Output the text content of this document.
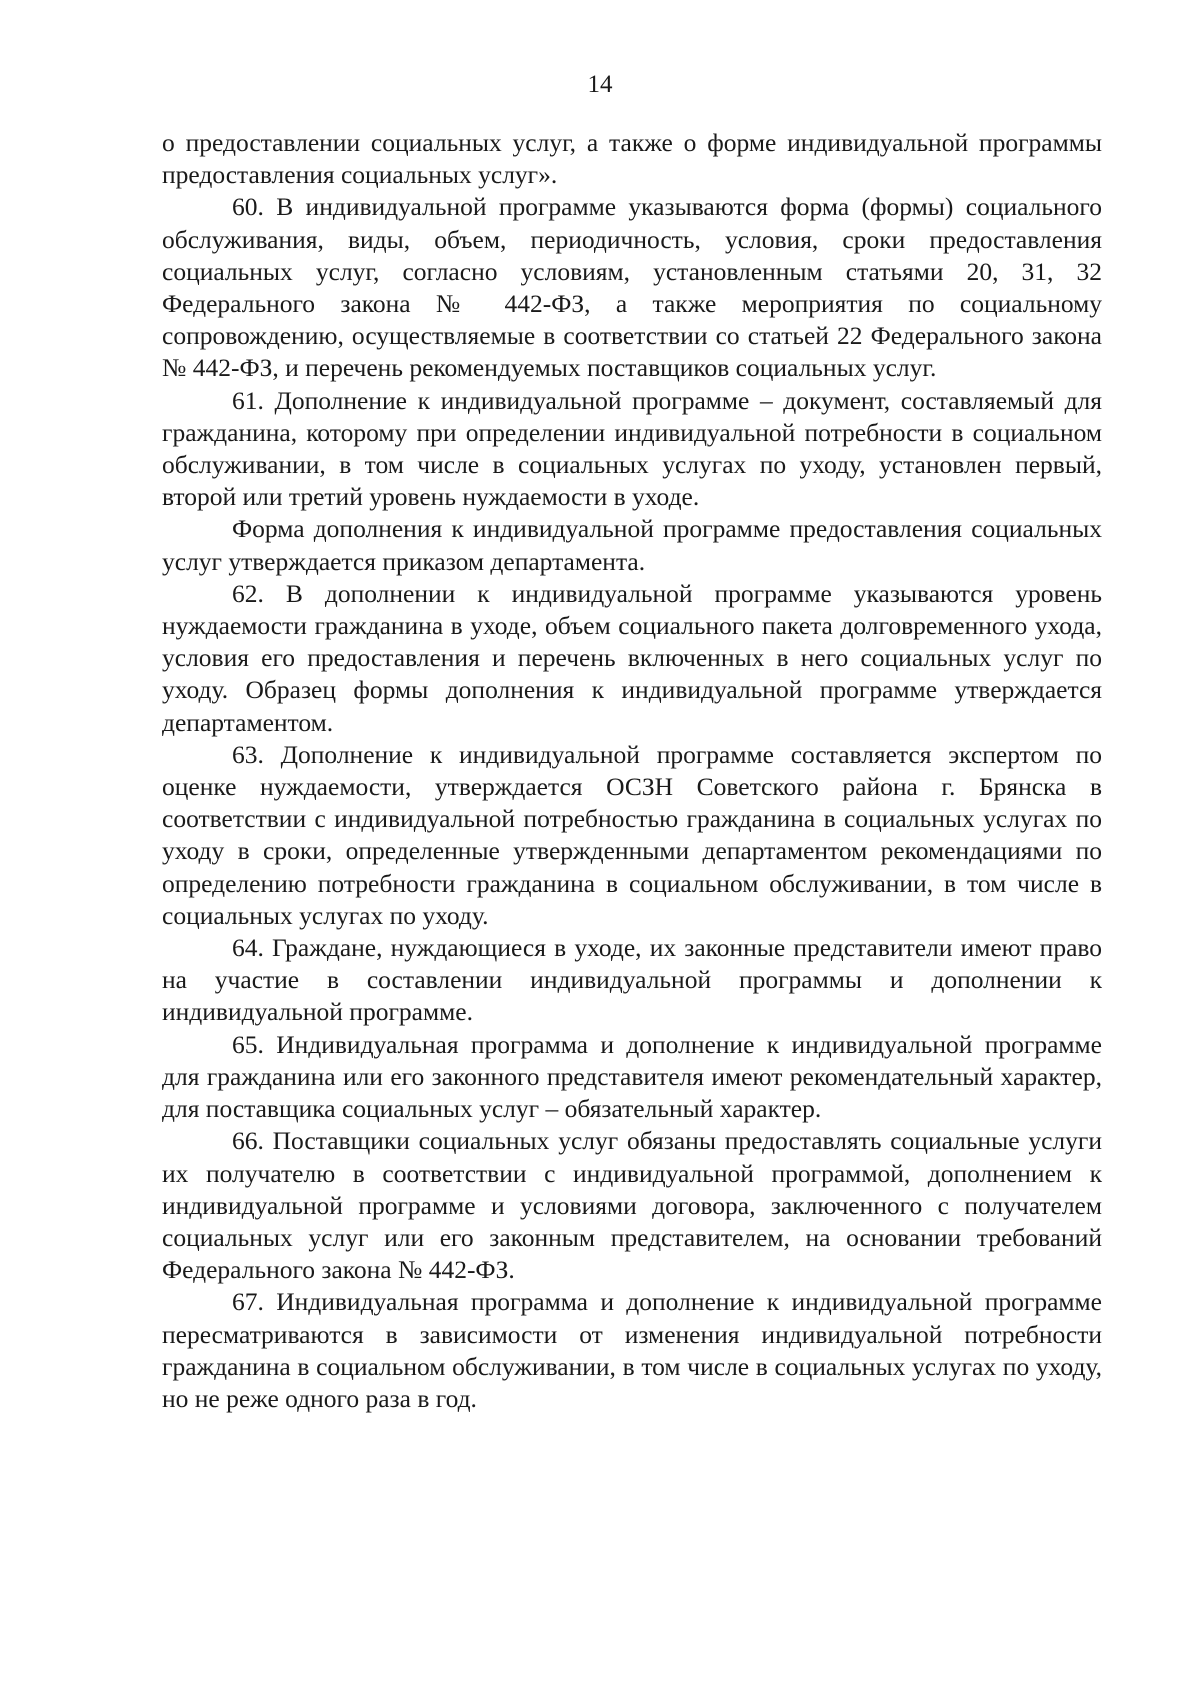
14

о предоставлении социальных услуг, а также о форме индивидуальной программы предоставления социальных услуг».

60. В индивидуальной программе указываются форма (формы) социального обслуживания, виды, объем, периодичность, условия, сроки предоставления социальных услуг, согласно условиям, установленным статьями 20, 31, 32 Федерального закона № 442-ФЗ, а также мероприятия по социальному сопровождению, осуществляемые в соответствии со статьей 22 Федерального закона № 442-ФЗ, и перечень рекомендуемых поставщиков социальных услуг.

61. Дополнение к индивидуальной программе – документ, составляемый для гражданина, которому при определении индивидуальной потребности в социальном обслуживании, в том числе в социальных услугах по уходу, установлен первый, второй или третий уровень нуждаемости в уходе.

Форма дополнения к индивидуальной программе предоставления социальных услуг утверждается приказом департамента.

62. В дополнении к индивидуальной программе указываются уровень нуждаемости гражданина в уходе, объем социального пакета долговременного ухода, условия его предоставления и перечень включенных в него социальных услуг по уходу. Образец формы дополнения к индивидуальной программе утверждается департаментом.

63. Дополнение к индивидуальной программе составляется экспертом по оценке нуждаемости, утверждается ОСЗН Советского района г. Брянска в соответствии с индивидуальной потребностью гражданина в социальных услугах по уходу в сроки, определенные утвержденными департаментом рекомендациями по определению потребности гражданина в социальном обслуживании, в том числе в социальных услугах по уходу.

64. Граждане, нуждающиеся в уходе, их законные представители имеют право на участие в составлении индивидуальной программы и дополнении к индивидуальной программе.

65. Индивидуальная программа и дополнение к индивидуальной программе для гражданина или его законного представителя имеют рекомендательный характер, для поставщика социальных услуг – обязательный характер.

66. Поставщики социальных услуг обязаны предоставлять социальные услуги их получателю в соответствии с индивидуальной программой, дополнением к индивидуальной программе и условиями договора, заключенного с получателем социальных услуг или его законным представителем, на основании требований Федерального закона № 442-ФЗ.

67. Индивидуальная программа и дополнение к индивидуальной программе пересматриваются в зависимости от изменения индивидуальной потребности гражданина в социальном обслуживании, в том числе в социальных услугах по уходу, но не реже одного раза в год.
